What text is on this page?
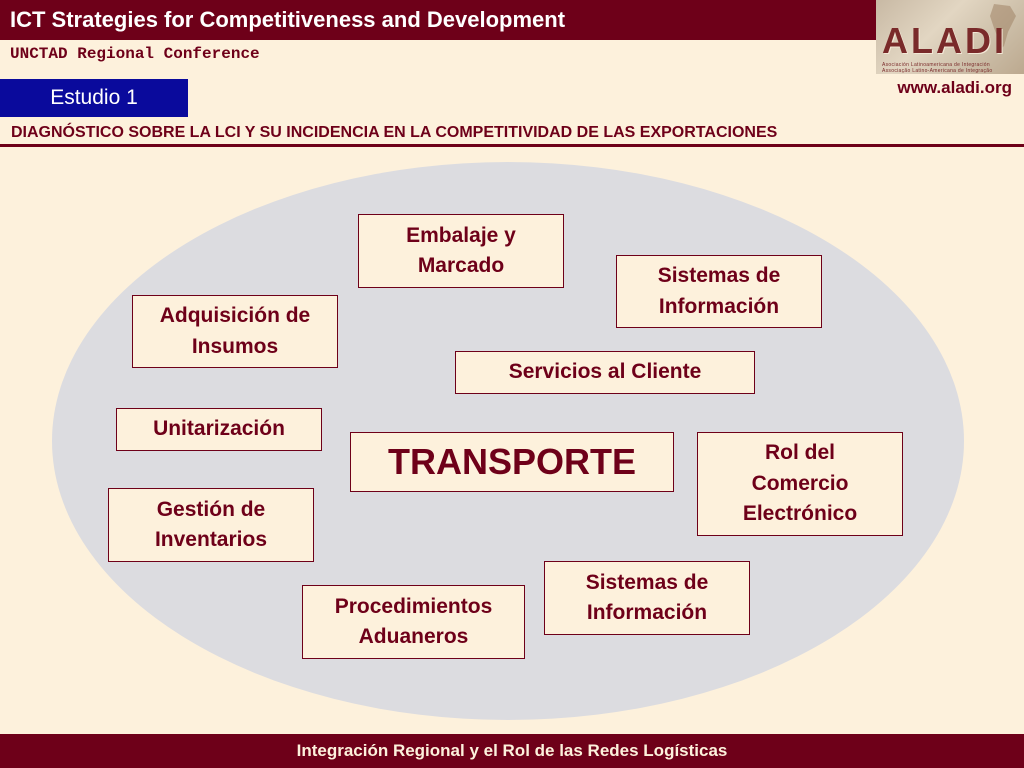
ICT Strategies for Competitiveness and Development
UNCTAD Regional Conference	ALADI
Asociación Latinoamericana de Integración
Associação Latino-Americana de Integração
www.aladi.org
Estudio 1
DIAGNÓSTICO SOBRE LA LCI Y SU INCIDENCIA EN LA COMPETITIVIDAD DE LAS EXPORTACIONES
Embalaje y
Marcado	Sistemas de
Información
Adquisición de
Insumos
Servicios al Cliente
Unitarización
TRANSPORTE	Rol del
Comercio
Electrónico
Gestión de
Inventarios
Sistemas de
Información
Procedimientos
Aduaneros
Integración Regional y el Rol de las Redes Logísticas
